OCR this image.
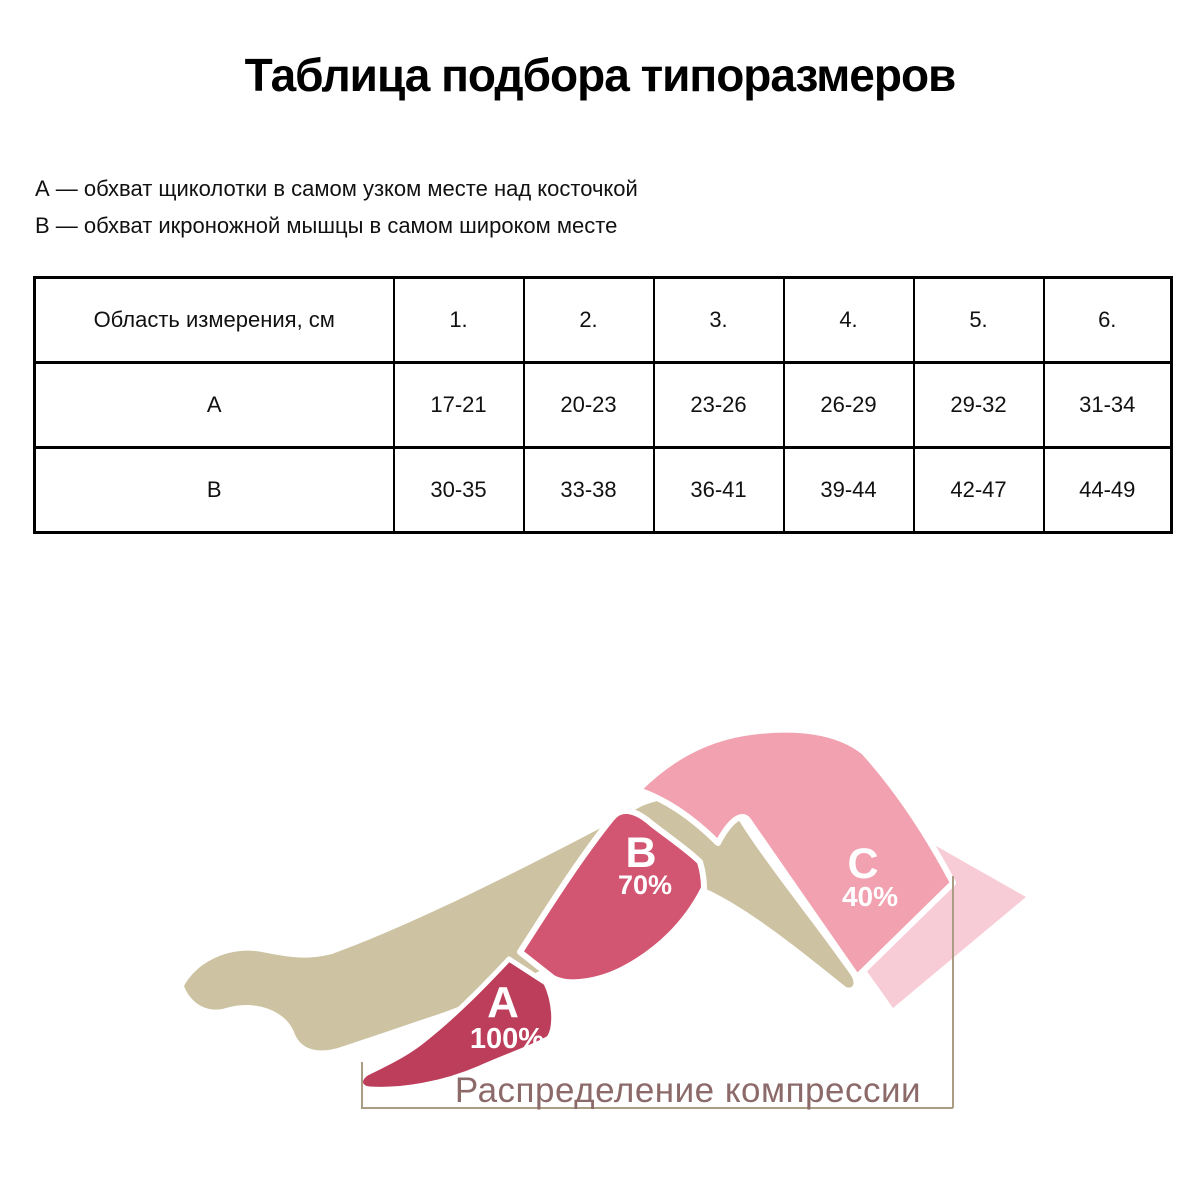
Таблица подбора типоразмеров
А — обхват щиколотки в самом узком месте над косточкой
В — обхват икроножной мышцы в самом широком месте
Область измерения, см	1.	2.	3.	4.	5.	6.
А	17-21	20-23	23-26	26-29	29-32	31-34
В	30-35	33-38	36-41	39-44	42-47	44-49
A
100%
B
70%	C
40%
Распределение компрессии
